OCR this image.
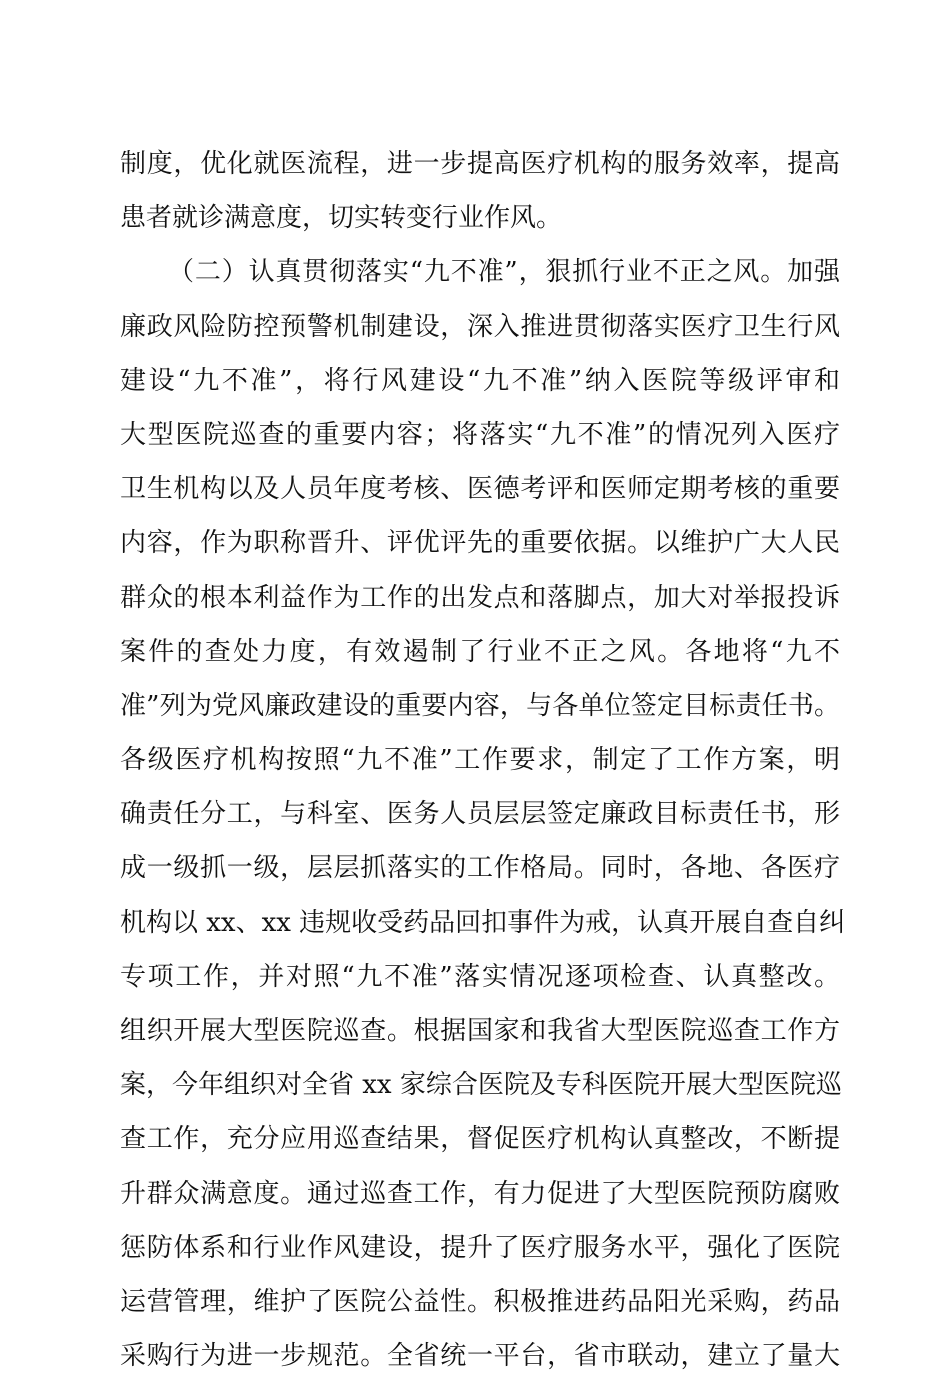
制度，优化就医流程，进一步提高医疗机构的服务效率，提高
患者就诊满意度，切实转变行业作风。
（二）认真贯彻落实“九不准”，狠抓行业不正之风。加强
廉政风险防控预警机制建设，深入推进贯彻落实医疗卫生行风
建设“九不准”，将行风建设“九不准”纳入医院等级评审和
大型医院巡查的重要内容；将落实“九不准”的情况列入医疗
卫生机构以及人员年度考核、医德考评和医师定期考核的重要
内容，作为职称晋升、评优评先的重要依据。以维护广大人民
群众的根本利益作为工作的出发点和落脚点，加大对举报投诉
案件的查处力度，有效遏制了行业不正之风。各地将“九不
准”列为党风廉政建设的重要内容，与各单位签定目标责任书。
各级医疗机构按照“九不准”工作要求，制定了工作方案，明
确责任分工，与科室、医务人员层层签定廉政目标责任书，形
成一级抓一级，层层抓落实的工作格局。同时，各地、各医疗
机构以 xx、xx 违规收受药品回扣事件为戒，认真开展自查自纠
专项工作，并对照“九不准”落实情况逐项检查、认真整改。
组织开展大型医院巡查。根据国家和我省大型医院巡查工作方
案，今年组织对全省 xx 家综合医院及专科医院开展大型医院巡
查工作，充分应用巡查结果，督促医疗机构认真整改，不断提
升群众满意度。通过巡查工作，有力促进了大型医院预防腐败
惩防体系和行业作风建设，提升了医疗服务水平，强化了医院
运营管理，维护了医院公益性。积极推进药品阳光采购，药品
采购行为进一步规范。全省统一平台，省市联动，建立了量大
